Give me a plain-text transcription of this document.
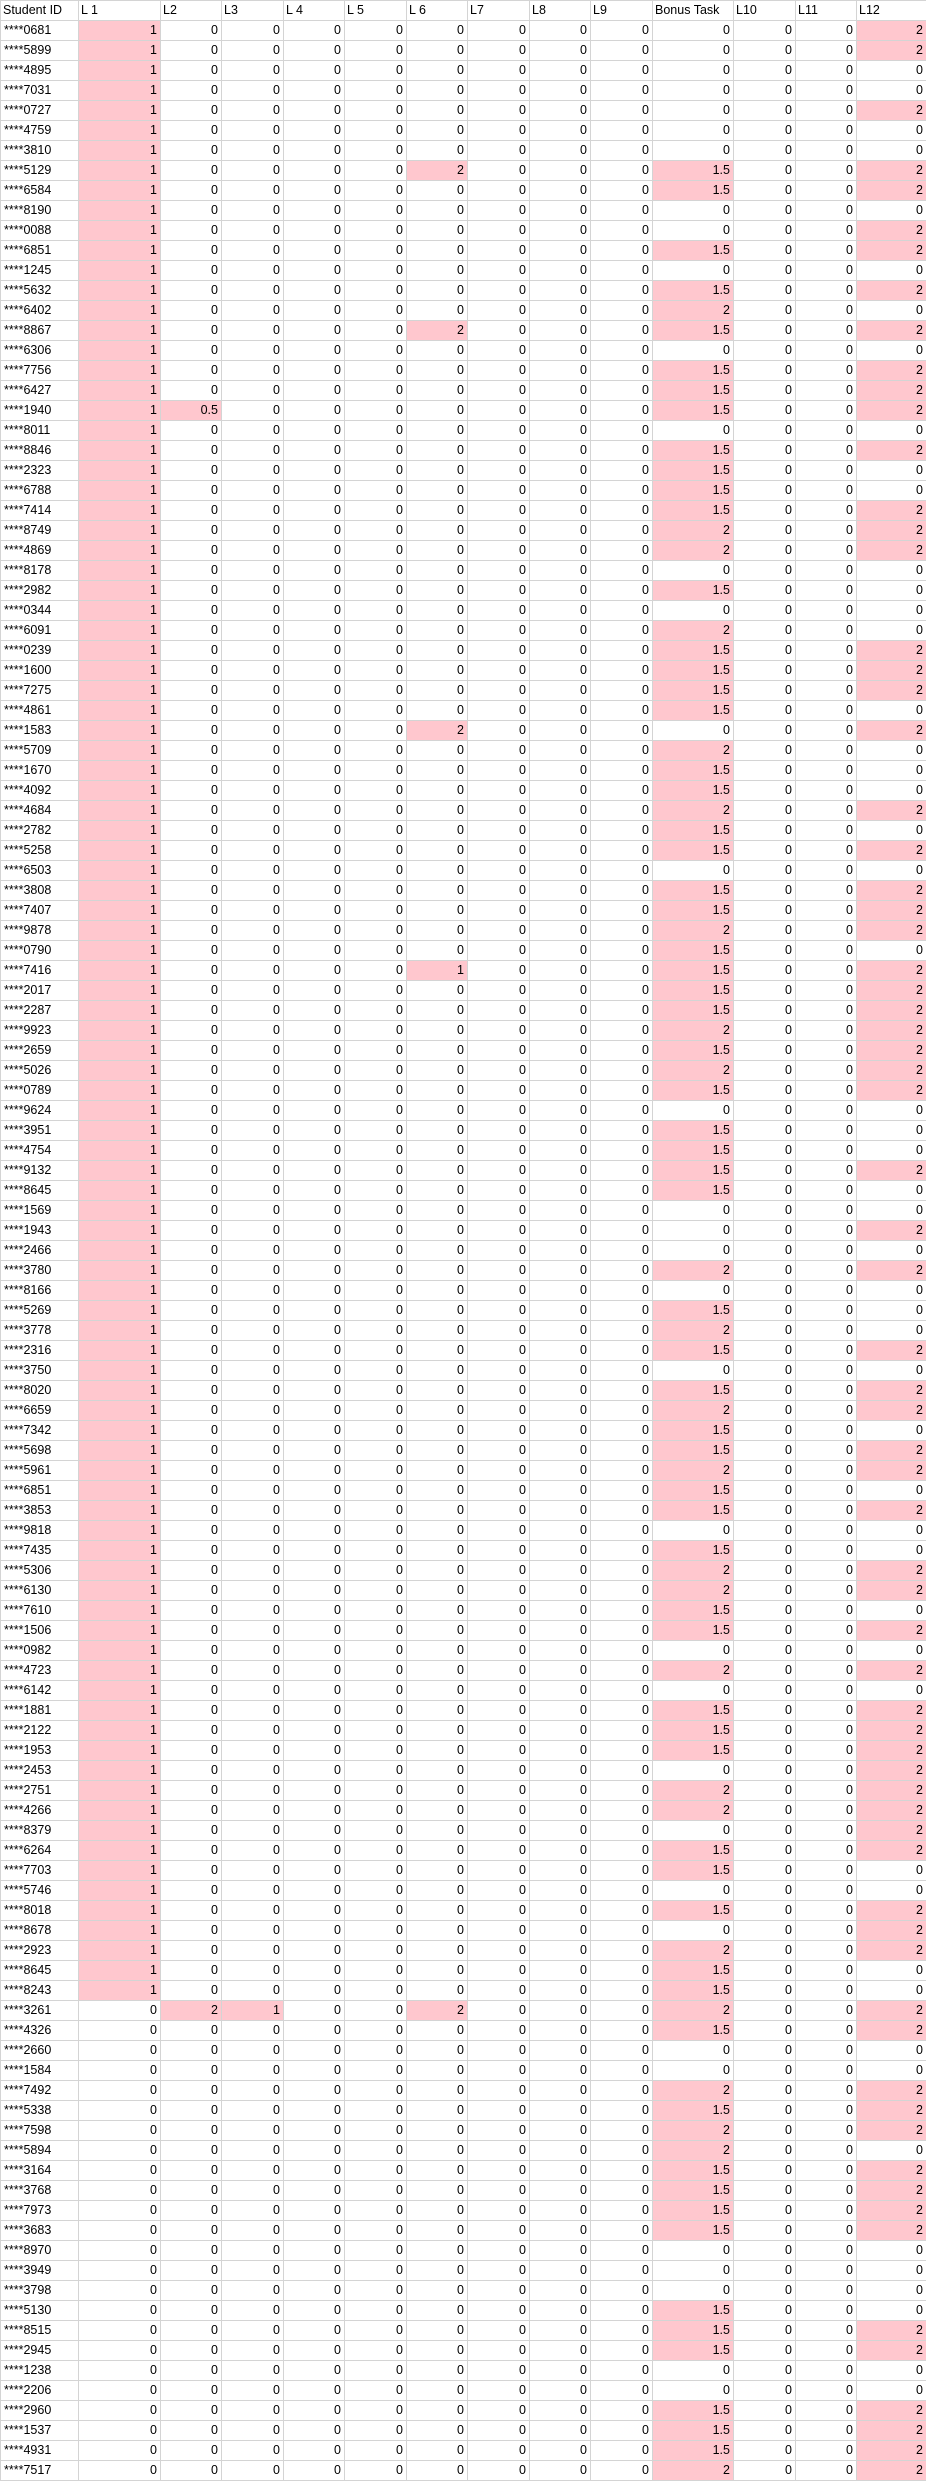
Student ID	L 1	L2	L3	L 4	L 5	L 6	L7	L8	L9	Bonus Task	L10	L11	L12
****0681	1	0	0	0	0	0	0	0	0	0	0	0	2
****5899	1	0	0	0	0	0	0	0	0	0	0	0	2
****4895	1	0	0	0	0	0	0	0	0	0	0	0	0
****7031	1	0	0	0	0	0	0	0	0	0	0	0	0
****0727	1	0	0	0	0	0	0	0	0	0	0	0	2
****4759	1	0	0	0	0	0	0	0	0	0	0	0	0
****3810	1	0	0	0	0	0	0	0	0	0	0	0	0
****5129	1	0	0	0	0	2	0	0	0	1.5	0	0	2
****6584	1	0	0	0	0	0	0	0	0	1.5	0	0	2
****8190	1	0	0	0	0	0	0	0	0	0	0	0	0
****0088	1	0	0	0	0	0	0	0	0	0	0	0	2
****6851	1	0	0	0	0	0	0	0	0	1.5	0	0	2
****1245	1	0	0	0	0	0	0	0	0	0	0	0	0
****5632	1	0	0	0	0	0	0	0	0	1.5	0	0	2
****6402	1	0	0	0	0	0	0	0	0	2	0	0	0
****8867	1	0	0	0	0	2	0	0	0	1.5	0	0	2
****6306	1	0	0	0	0	0	0	0	0	0	0	0	0
****7756	1	0	0	0	0	0	0	0	0	1.5	0	0	2
****6427	1	0	0	0	0	0	0	0	0	1.5	0	0	2
****1940	1	0.5	0	0	0	0	0	0	0	1.5	0	0	2
****8011	1	0	0	0	0	0	0	0	0	0	0	0	0
****8846	1	0	0	0	0	0	0	0	0	1.5	0	0	2
****2323	1	0	0	0	0	0	0	0	0	1.5	0	0	0
****6788	1	0	0	0	0	0	0	0	0	1.5	0	0	0
****7414	1	0	0	0	0	0	0	0	0	1.5	0	0	2
****8749	1	0	0	0	0	0	0	0	0	2	0	0	2
****4869	1	0	0	0	0	0	0	0	0	2	0	0	2
****8178	1	0	0	0	0	0	0	0	0	0	0	0	0
****2982	1	0	0	0	0	0	0	0	0	1.5	0	0	0
****0344	1	0	0	0	0	0	0	0	0	0	0	0	0
****6091	1	0	0	0	0	0	0	0	0	2	0	0	0
****0239	1	0	0	0	0	0	0	0	0	1.5	0	0	2
****1600	1	0	0	0	0	0	0	0	0	1.5	0	0	2
****7275	1	0	0	0	0	0	0	0	0	1.5	0	0	2
****4861	1	0	0	0	0	0	0	0	0	1.5	0	0	0
****1583	1	0	0	0	0	2	0	0	0	0	0	0	2
****5709	1	0	0	0	0	0	0	0	0	2	0	0	0
****1670	1	0	0	0	0	0	0	0	0	1.5	0	0	0
****4092	1	0	0	0	0	0	0	0	0	1.5	0	0	0
****4684	1	0	0	0	0	0	0	0	0	2	0	0	2
****2782	1	0	0	0	0	0	0	0	0	1.5	0	0	0
****5258	1	0	0	0	0	0	0	0	0	1.5	0	0	2
****6503	1	0	0	0	0	0	0	0	0	0	0	0	0
****3808	1	0	0	0	0	0	0	0	0	1.5	0	0	2
****7407	1	0	0	0	0	0	0	0	0	1.5	0	0	2
****9878	1	0	0	0	0	0	0	0	0	2	0	0	2
****0790	1	0	0	0	0	0	0	0	0	1.5	0	0	0
****7416	1	0	0	0	0	1	0	0	0	1.5	0	0	2
****2017	1	0	0	0	0	0	0	0	0	1.5	0	0	2
****2287	1	0	0	0	0	0	0	0	0	1.5	0	0	2
****9923	1	0	0	0	0	0	0	0	0	2	0	0	2
****2659	1	0	0	0	0	0	0	0	0	1.5	0	0	2
****5026	1	0	0	0	0	0	0	0	0	2	0	0	2
****0789	1	0	0	0	0	0	0	0	0	1.5	0	0	2
****9624	1	0	0	0	0	0	0	0	0	0	0	0	0
****3951	1	0	0	0	0	0	0	0	0	1.5	0	0	0
****4754	1	0	0	0	0	0	0	0	0	1.5	0	0	0
****9132	1	0	0	0	0	0	0	0	0	1.5	0	0	2
****8645	1	0	0	0	0	0	0	0	0	1.5	0	0	0
****1569	1	0	0	0	0	0	0	0	0	0	0	0	0
****1943	1	0	0	0	0	0	0	0	0	0	0	0	2
****2466	1	0	0	0	0	0	0	0	0	0	0	0	0
****3780	1	0	0	0	0	0	0	0	0	2	0	0	2
****8166	1	0	0	0	0	0	0	0	0	0	0	0	0
****5269	1	0	0	0	0	0	0	0	0	1.5	0	0	0
****3778	1	0	0	0	0	0	0	0	0	2	0	0	0
****2316	1	0	0	0	0	0	0	0	0	1.5	0	0	2
****3750	1	0	0	0	0	0	0	0	0	0	0	0	0
****8020	1	0	0	0	0	0	0	0	0	1.5	0	0	2
****6659	1	0	0	0	0	0	0	0	0	2	0	0	2
****7342	1	0	0	0	0	0	0	0	0	1.5	0	0	0
****5698	1	0	0	0	0	0	0	0	0	1.5	0	0	2
****5961	1	0	0	0	0	0	0	0	0	2	0	0	2
****6851	1	0	0	0	0	0	0	0	0	1.5	0	0	0
****3853	1	0	0	0	0	0	0	0	0	1.5	0	0	2
****9818	1	0	0	0	0	0	0	0	0	0	0	0	0
****7435	1	0	0	0	0	0	0	0	0	1.5	0	0	0
****5306	1	0	0	0	0	0	0	0	0	2	0	0	2
****6130	1	0	0	0	0	0	0	0	0	2	0	0	2
****7610	1	0	0	0	0	0	0	0	0	1.5	0	0	0
****1506	1	0	0	0	0	0	0	0	0	1.5	0	0	2
****0982	1	0	0	0	0	0	0	0	0	0	0	0	0
****4723	1	0	0	0	0	0	0	0	0	2	0	0	2
****6142	1	0	0	0	0	0	0	0	0	0	0	0	0
****1881	1	0	0	0	0	0	0	0	0	1.5	0	0	2
****2122	1	0	0	0	0	0	0	0	0	1.5	0	0	2
****1953	1	0	0	0	0	0	0	0	0	1.5	0	0	2
****2453	1	0	0	0	0	0	0	0	0	0	0	0	2
****2751	1	0	0	0	0	0	0	0	0	2	0	0	2
****4266	1	0	0	0	0	0	0	0	0	2	0	0	2
****8379	1	0	0	0	0	0	0	0	0	0	0	0	2
****6264	1	0	0	0	0	0	0	0	0	1.5	0	0	2
****7703	1	0	0	0	0	0	0	0	0	1.5	0	0	0
****5746	1	0	0	0	0	0	0	0	0	0	0	0	0
****8018	1	0	0	0	0	0	0	0	0	1.5	0	0	2
****8678	1	0	0	0	0	0	0	0	0	0	0	0	2
****2923	1	0	0	0	0	0	0	0	0	2	0	0	2
****8645	1	0	0	0	0	0	0	0	0	1.5	0	0	0
****8243	1	0	0	0	0	0	0	0	0	1.5	0	0	0
****3261	0	2	1	0	0	2	0	0	0	2	0	0	2
****4326	0	0	0	0	0	0	0	0	0	1.5	0	0	2
****2660	0	0	0	0	0	0	0	0	0	0	0	0	0
****1584	0	0	0	0	0	0	0	0	0	0	0	0	0
****7492	0	0	0	0	0	0	0	0	0	2	0	0	2
****5338	0	0	0	0	0	0	0	0	0	1.5	0	0	2
****7598	0	0	0	0	0	0	0	0	0	2	0	0	2
****5894	0	0	0	0	0	0	0	0	0	2	0	0	0
****3164	0	0	0	0	0	0	0	0	0	1.5	0	0	2
****3768	0	0	0	0	0	0	0	0	0	1.5	0	0	2
****7973	0	0	0	0	0	0	0	0	0	1.5	0	0	2
****3683	0	0	0	0	0	0	0	0	0	1.5	0	0	2
****8970	0	0	0	0	0	0	0	0	0	0	0	0	0
****3949	0	0	0	0	0	0	0	0	0	0	0	0	0
****3798	0	0	0	0	0	0	0	0	0	0	0	0	0
****5130	0	0	0	0	0	0	0	0	0	1.5	0	0	0
****8515	0	0	0	0	0	0	0	0	0	1.5	0	0	2
****2945	0	0	0	0	0	0	0	0	0	1.5	0	0	2
****1238	0	0	0	0	0	0	0	0	0	0	0	0	0
****2206	0	0	0	0	0	0	0	0	0	0	0	0	0
****2960	0	0	0	0	0	0	0	0	0	1.5	0	0	2
****1537	0	0	0	0	0	0	0	0	0	1.5	0	0	2
****4931	0	0	0	0	0	0	0	0	0	1.5	0	0	2
****7517	0	0	0	0	0	0	0	0	0	2	0	0	2
